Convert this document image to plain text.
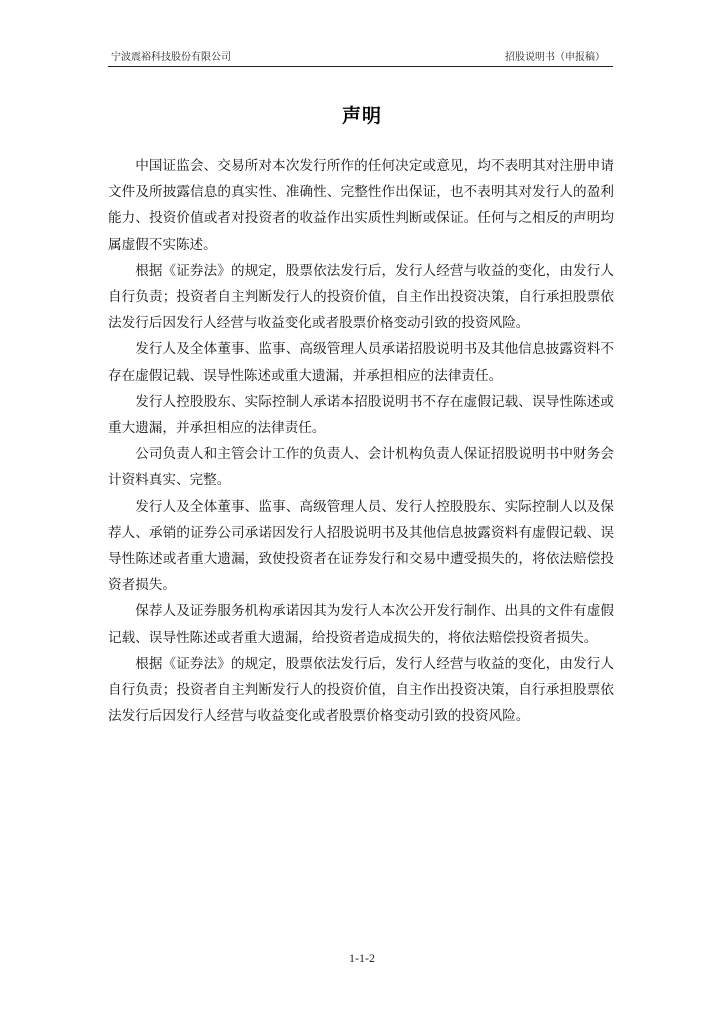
宁波震裕科技股份有限公司	招股说明书（申报稿）
声明

中国证监会、交易所对本次发行所作的任何决定或意见，均不表明其对注册申请文件及所披露信息的真实性、准确性、完整性作出保证，也不表明其对发行人的盈利能力、投资价值或者对投资者的收益作出实质性判断或保证。任何与之相反的声明均属虚假不实陈述。

根据《证券法》的规定，股票依法发行后，发行人经营与收益的变化，由发行人自行负责；投资者自主判断发行人的投资价值，自主作出投资决策，自行承担股票依法发行后因发行人经营与收益变化或者股票价格变动引致的投资风险。

发行人及全体董事、监事、高级管理人员承诺招股说明书及其他信息披露资料不存在虚假记载、误导性陈述或重大遗漏，并承担相应的法律责任。

发行人控股股东、实际控制人承诺本招股说明书不存在虚假记载、误导性陈述或重大遗漏，并承担相应的法律责任。

公司负责人和主管会计工作的负责人、会计机构负责人保证招股说明书中财务会计资料真实、完整。

发行人及全体董事、监事、高级管理人员、发行人控股股东、实际控制人以及保荐人、承销的证券公司承诺因发行人招股说明书及其他信息披露资料有虚假记载、误导性陈述或者重大遗漏，致使投资者在证券发行和交易中遭受损失的，将依法赔偿投资者损失。

保荐人及证券服务机构承诺因其为发行人本次公开发行制作、出具的文件有虚假记载、误导性陈述或者重大遗漏，给投资者造成损失的，将依法赔偿投资者损失。

根据《证券法》的规定，股票依法发行后，发行人经营与收益的变化，由发行人自行负责；投资者自主判断发行人的投资价值，自主作出投资决策，自行承担股票依法发行后因发行人经营与收益变化或者股票价格变动引致的投资风险。

1-1-2
